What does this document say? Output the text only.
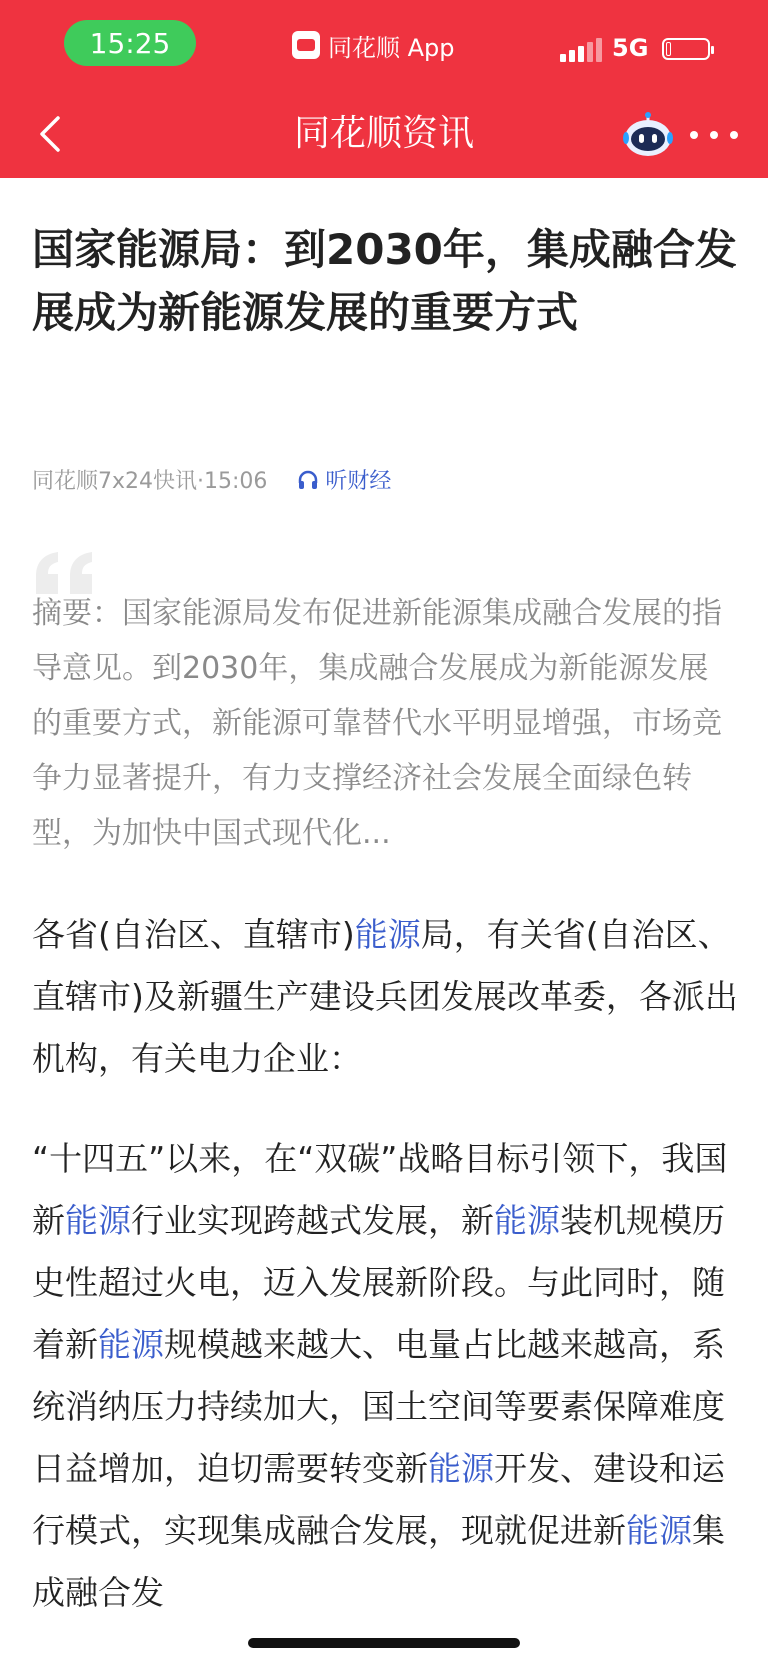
15:25	同花顺 App	5G
同花顺资讯
国家能源局：到2030年，集成融合发展成为新能源发展的重要方式
同花顺7x24快讯·15:06	听财经

摘要：国家能源局发布促进新能源集成融合发展的指导意见。到2030年，集成融合发展成为新能源发展的重要方式，新能源可靠替代水平明显增强，市场竞争力显著提升，有力支撑经济社会发展全面绿色转型，为加快中国式现代化...

各省(自治区、直辖市)能源局，有关省(自治区、直辖市)及新疆生产建设兵团发展改革委，各派出机构，有关电力企业：

“十四五”以来，在“双碳”战略目标引领下，我国新能源行业实现跨越式发展，新能源装机规模历史性超过火电，迈入发展新阶段。与此同时，随着新能源规模越来越大、电量占比越来越高，系统消纳压力持续加大，国土空间等要素保障难度日益增加，迫切需要转变新能源开发、建设和运行模式，实现集成融合发展，现就促进新能源集成融合发
